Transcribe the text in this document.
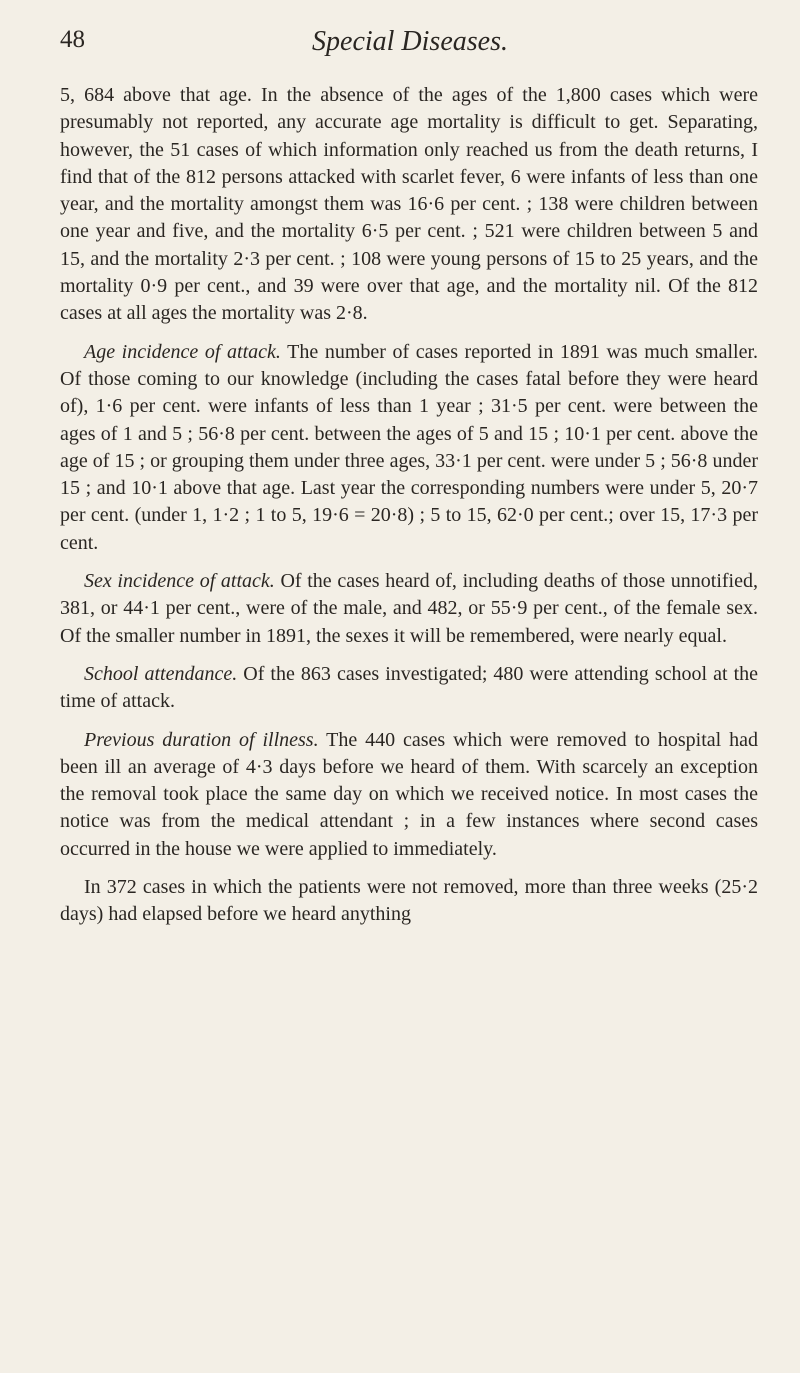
48	Special Diseases.

5, 684 above that age. In the absence of the ages of the 1,800 cases which were presumably not reported, any accurate age mortality is difficult to get. Separating, however, the 51 cases of which information only reached us from the death returns, I find that of the 812 persons attacked with scarlet fever, 6 were infants of less than one year, and the mortality amongst them was 16·6 per cent. ; 138 were children between one year and five, and the mortality 6·5 per cent. ; 521 were children between 5 and 15, and the mortality 2·3 per cent. ; 108 were young persons of 15 to 25 years, and the mortality 0·9 per cent., and 39 were over that age, and the mortality nil. Of the 812 cases at all ages the mortality was 2·8.

Age incidence of attack. The number of cases reported in 1891 was much smaller. Of those coming to our knowledge (including the cases fatal before they were heard of), 1·6 per cent. were infants of less than 1 year ; 31·5 per cent. were between the ages of 1 and 5 ; 56·8 per cent. between the ages of 5 and 15 ; 10·1 per cent. above the age of 15 ; or grouping them under three ages, 33·1 per cent. were under 5 ; 56·8 under 15 ; and 10·1 above that age. Last year the corresponding numbers were under 5, 20·7 per cent. (under 1, 1·2 ; 1 to 5, 19·6 = 20·8) ; 5 to 15, 62·0 per cent.; over 15, 17·3 per cent.

Sex incidence of attack. Of the cases heard of, including deaths of those unnotified, 381, or 44·1 per cent., were of the male, and 482, or 55·9 per cent., of the female sex. Of the smaller number in 1891, the sexes it will be remembered, were nearly equal.

School attendance. Of the 863 cases investigated; 480 were attending school at the time of attack.

Previous duration of illness. The 440 cases which were removed to hospital had been ill an average of 4·3 days before we heard of them. With scarcely an exception the removal took place the same day on which we received notice. In most cases the notice was from the medical attendant ; in a few instances where second cases occurred in the house we were applied to immediately.

In 372 cases in which the patients were not removed, more than three weeks (25·2 days) had elapsed before we heard anything
